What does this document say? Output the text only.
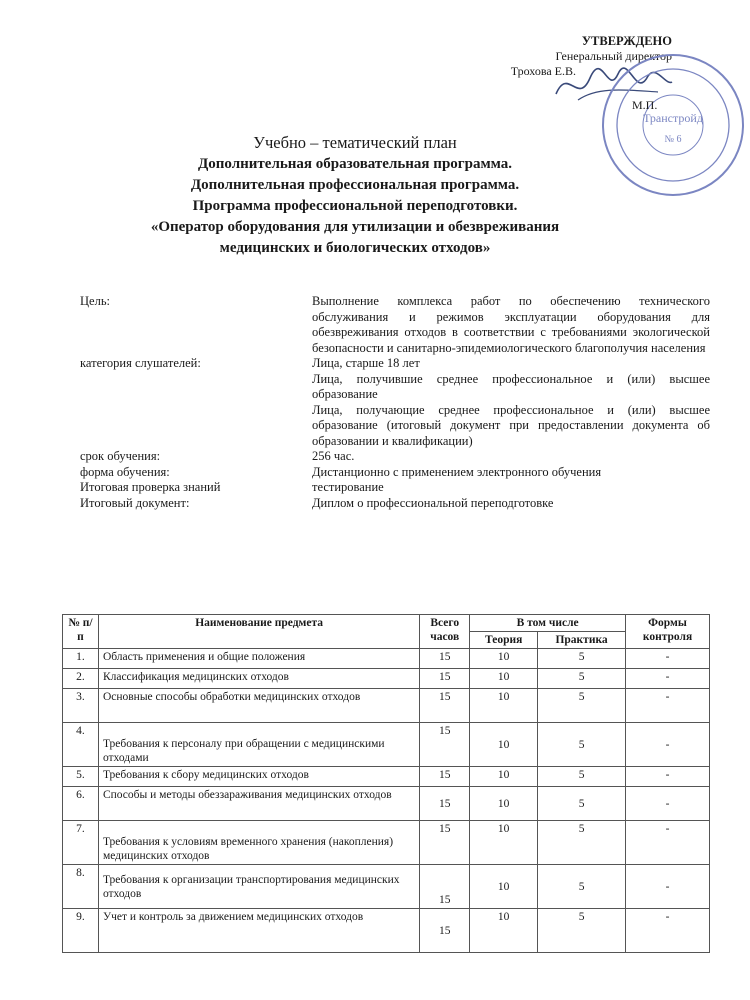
УТВЕРЖДЕНО
Генеральный директор
Трохова Е.В.
Транстройд
№ 6
М.П.
Учебно – тематический план
Дополнительная образовательная программа.
Дополнительная профессиональная программа.
Программа профессиональной переподготовки.
«Оператор оборудования для утилизации и обезвреживания
медицинских и биологических отходов»
Цель:	Выполнение комплекса работ по обеспечению технического обслуживания и режимов эксплуатации оборудования для обезвреживания отходов в соответствии с требованиями экологической безопасности и санитарно-эпидемиологического благополучия населения
категория слушателей:	Лица, старше 18 лет
Лица, получившие среднее профессиональное и (или) высшее образование
Лица, получающие среднее профессиональное и (или) высшее образование (итоговый документ при предоставлении документа об образовании и квалификации)
срок обучения:	256 час.
форма обучения:	Дистанционно с применением электронного обучения
Итоговая проверка знаний	тестирование
Итоговый документ:	Диплом о профессиональной переподготовке
№ п/п	Наименование предмета	Всего часов	В том числе		Формы контроля
			Теория	Практика	
1.	Область применения и общие положения	15	10	5	-
2.	Классификация медицинских отходов	15	10	5	-
3.	Основные способы обработки медицинских отходов	15	10	5	-
4.	Требования к персоналу при обращении с медицинскими отходами	15	10	5	-
5.	Требования к сбору медицинских отходов	15	10	5	-
6.	Способы и методы обеззараживания медицинских отходов	15	10	5	-
7.	Требования к условиям временного хранения (накопления) медицинских отходов	15	10	5	-
8.	Требования к организации транспортирования медицинских отходов	15	10	5	-
9.	Учет и контроль за движением медицинских отходов	15	10	5	-
